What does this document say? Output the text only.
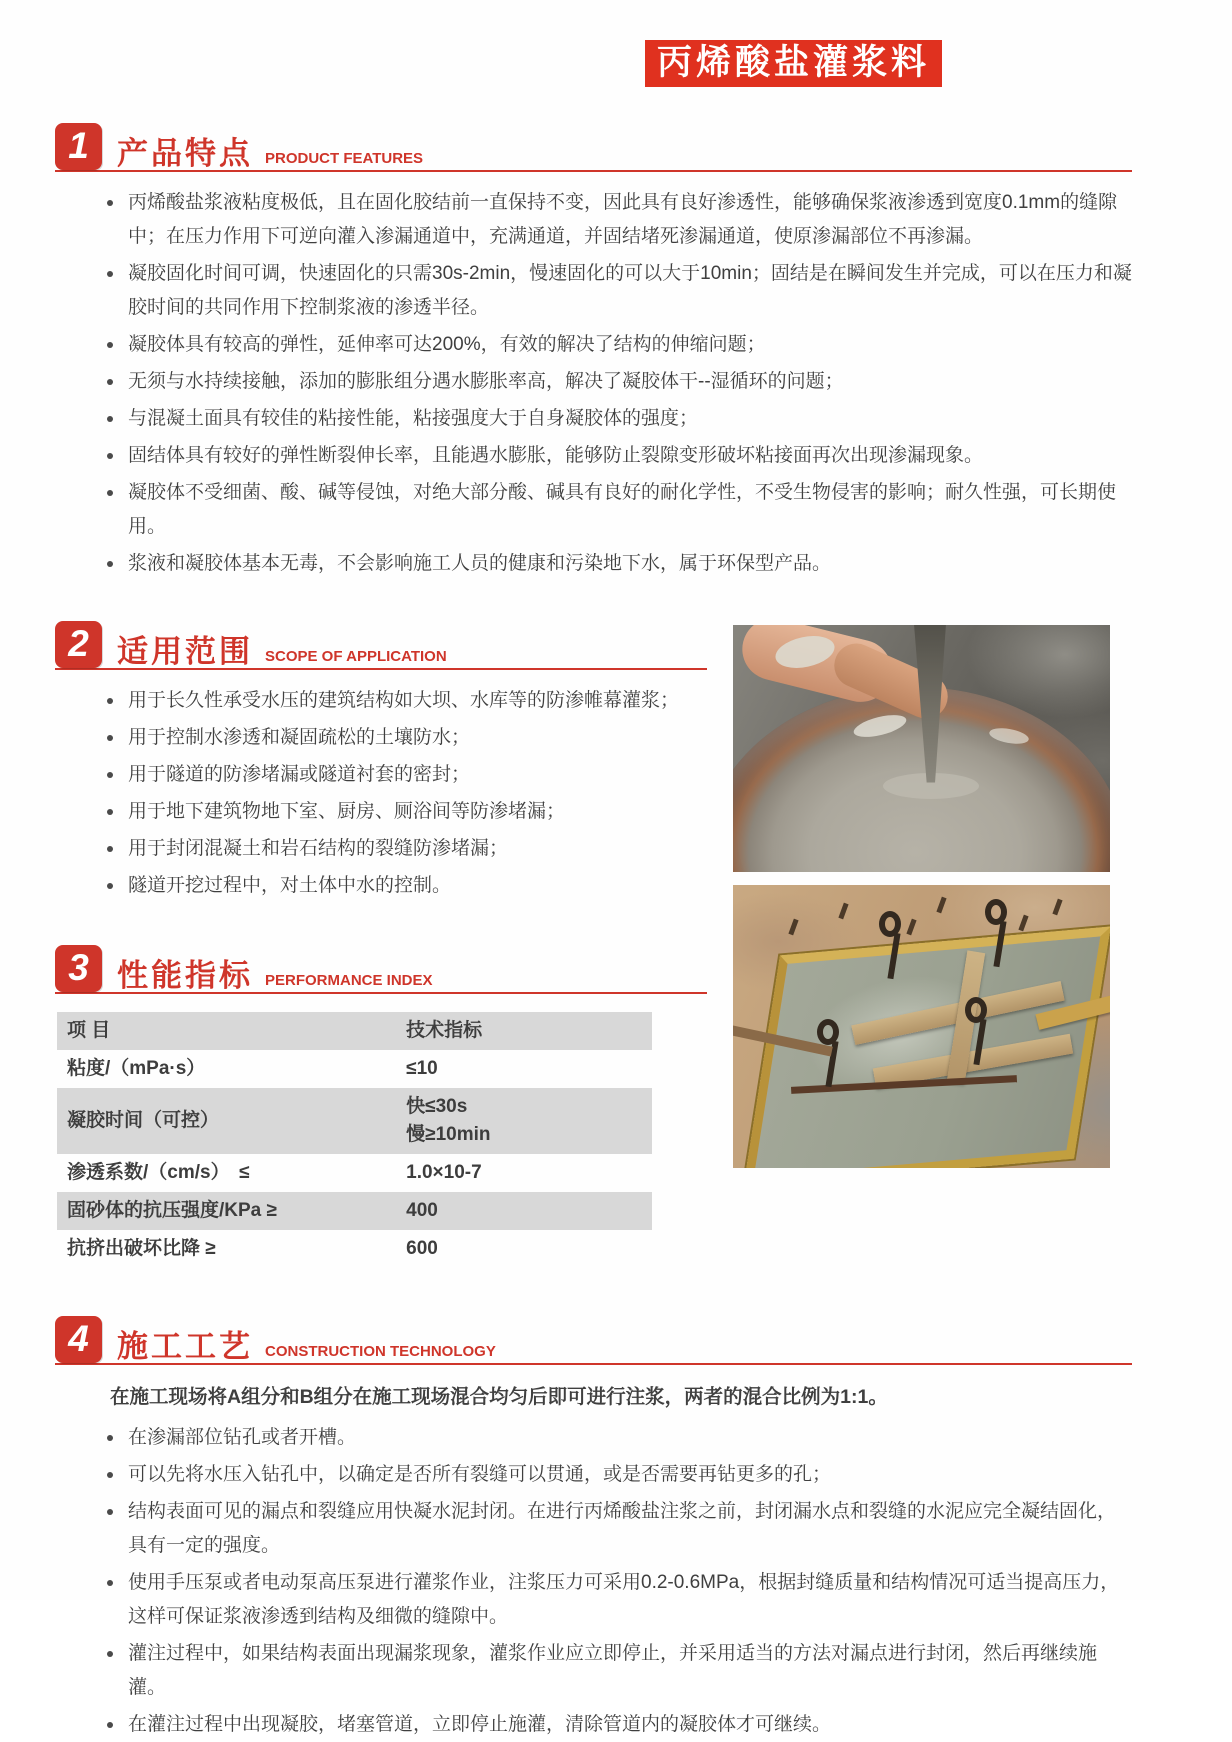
丙烯酸盐灌浆料
1 产品特点 PRODUCT FEATURES
丙烯酸盐浆液粘度极低，且在固化胶结前一直保持不变，因此具有良好渗透性，能够确保浆液渗透到宽度0.1mm的缝隙中；在压力作用下可逆向灌入渗漏通道中，充满通道，并固结堵死渗漏通道，使原渗漏部位不再渗漏。
凝胶固化时间可调，快速固化的只需30s-2min，慢速固化的可以大于10min；固结是在瞬间发生并完成，可以在压力和凝胶时间的共同作用下控制浆液的渗透半径。
凝胶体具有较高的弹性，延伸率可达200%，有效的解决了结构的伸缩问题；
无须与水持续接触，添加的膨胀组分遇水膨胀率高，解决了凝胶体干--湿循环的问题；
与混凝土面具有较佳的粘接性能，粘接强度大于自身凝胶体的强度；
固结体具有较好的弹性断裂伸长率，且能遇水膨胀，能够防止裂隙变形破坏粘接面再次出现渗漏现象。
凝胶体不受细菌、酸、碱等侵蚀，对绝大部分酸、碱具有良好的耐化学性，不受生物侵害的影响；耐久性强，可长期使用。
浆液和凝胶体基本无毒，不会影响施工人员的健康和污染地下水，属于环保型产品。
2 适用范围 SCOPE OF APPLICATION
用于长久性承受水压的建筑结构如大坝、水库等的防渗帷幕灌浆；
用于控制水渗透和凝固疏松的土壤防水；
用于隧道的防渗堵漏或隧道衬套的密封；
用于地下建筑物地下室、厨房、厕浴间等防渗堵漏；
用于封闭混凝土和岩石结构的裂缝防渗堵漏；
隧道开挖过程中，对土体中水的控制。
3 性能指标 PERFORMANCE INDEX
项 目	技术指标

粘度/（mPa·s）	≤10

凝胶时间（可控）	快≤30s
慢≥10min

渗透系数/（cm/s）　≤	1.0×10-7

固砂体的抗压强度/KPa ≥	400

抗挤出破坏比降 ≥	600
4 施工工艺 CONSTRUCTION TECHNOLOGY
在施工现场将A组分和B组分在施工现场混合均匀后即可进行注浆，两者的混合比例为1:1。
在渗漏部位钻孔或者开槽。
可以先将水压入钻孔中，以确定是否所有裂缝可以贯通，或是否需要再钻更多的孔；
结构表面可见的漏点和裂缝应用快凝水泥封闭。在进行丙烯酸盐注浆之前，封闭漏水点和裂缝的水泥应完全凝结固化，具有一定的强度。
使用手压泵或者电动泵高压泵进行灌浆作业，注浆压力可采用0.2-0.6MPa，根据封缝质量和结构情况可适当提高压力，这样可保证浆液渗透到结构及细微的缝隙中。
灌注过程中，如果结构表面出现漏浆现象，灌浆作业应立即停止，并采用适当的方法对漏点进行封闭，然后再继续施灌。
在灌注过程中出现凝胶，堵塞管道，立即停止施灌，清除管道内的凝胶体才可继续。
